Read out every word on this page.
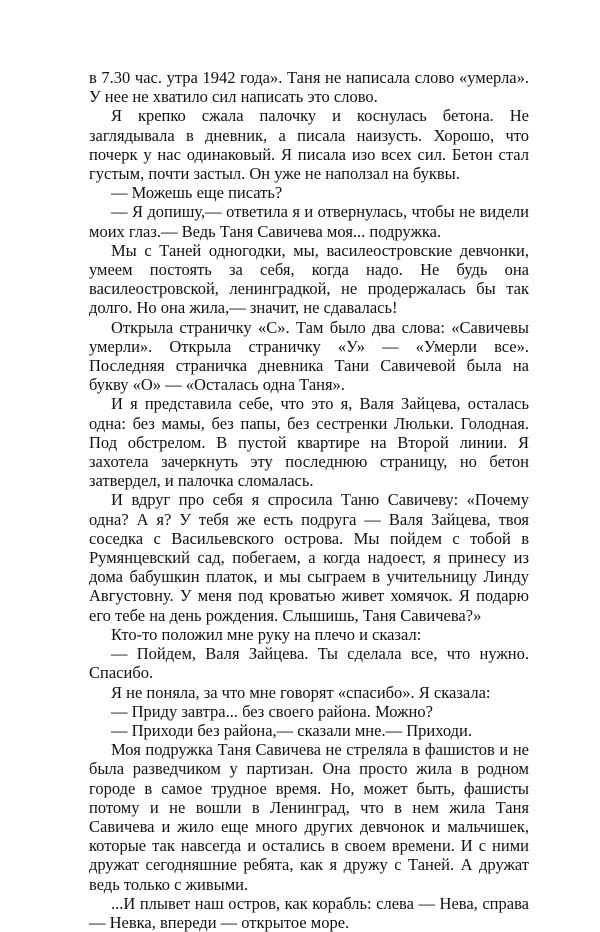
в 7.30 час. утра 1942 года». Таня не написала слово «умерла». У нее не хватило сил написать это слово.

Я крепко сжала палочку и коснулась бетона. Не заглядывала в дневник, а писала наизусть. Хорошо, что почерк у нас одинаковый. Я писала изо всех сил. Бетон стал густым, почти застыл. Он уже не наползал на буквы.

— Можешь еще писать?

— Я допишу,— ответила я и отвернулась, чтобы не видели моих глаз.— Ведь Таня Савичева моя... подружка.

Мы с Таней одногодки, мы, василеостровские девчонки, умеем постоять за себя, когда надо. Не будь она василеостровской, ленинградкой, не продержалась бы так долго. Но она жила,— значит, не сдавалась!

Открыла страничку «С». Там было два слова: «Савичевы умерли». Открыла страничку «У» — «Умерли все». Последняя страничка дневника Тани Савичевой была на букву «О» — «Осталась одна Таня».

И я представила себе, что это я, Валя Зайцева, осталась одна: без мамы, без папы, без сестренки Люльки. Голодная. Под обстрелом. В пустой квартире на Второй линии. Я захотела зачеркнуть эту последнюю страницу, но бетон затвердел, и палочка сломалась.

И вдруг про себя я спросила Таню Савичеву: «Почему одна? А я? У тебя же есть подруга — Валя Зайцева, твоя соседка с Васильевского острова. Мы пойдем с тобой в Румянцевский сад, побегаем, а когда надоест, я принесу из дома бабушкин платок, и мы сыграем в учительницу Линду Августовну. У меня под кроватью живет хомячок. Я подарю его тебе на день рождения. Слышишь, Таня Савичева?»

Кто-то положил мне руку на плечо и сказал:

— Пойдем, Валя Зайцева. Ты сделала все, что нужно. Спасибо.

Я не поняла, за что мне говорят «спасибо». Я сказала:

— Приду завтра... без своего района. Можно?

— Приходи без района,— сказали мне.— Приходи.

Моя подружка Таня Савичева не стреляла в фашистов и не была разведчиком у партизан. Она просто жила в родном городе в самое трудное время. Но, может быть, фашисты потому и не вошли в Ленинград, что в нем жила Таня Савичева и жило еще много других девчонок и мальчишек, которые так навсегда и остались в своем времени. И с ними дружат сегодняшние ребята, как я дружу с Таней. А дружат ведь только с живыми.

...И плывет наш остров, как корабль: слева — Нева, справа — Невка, впереди — открытое море.
